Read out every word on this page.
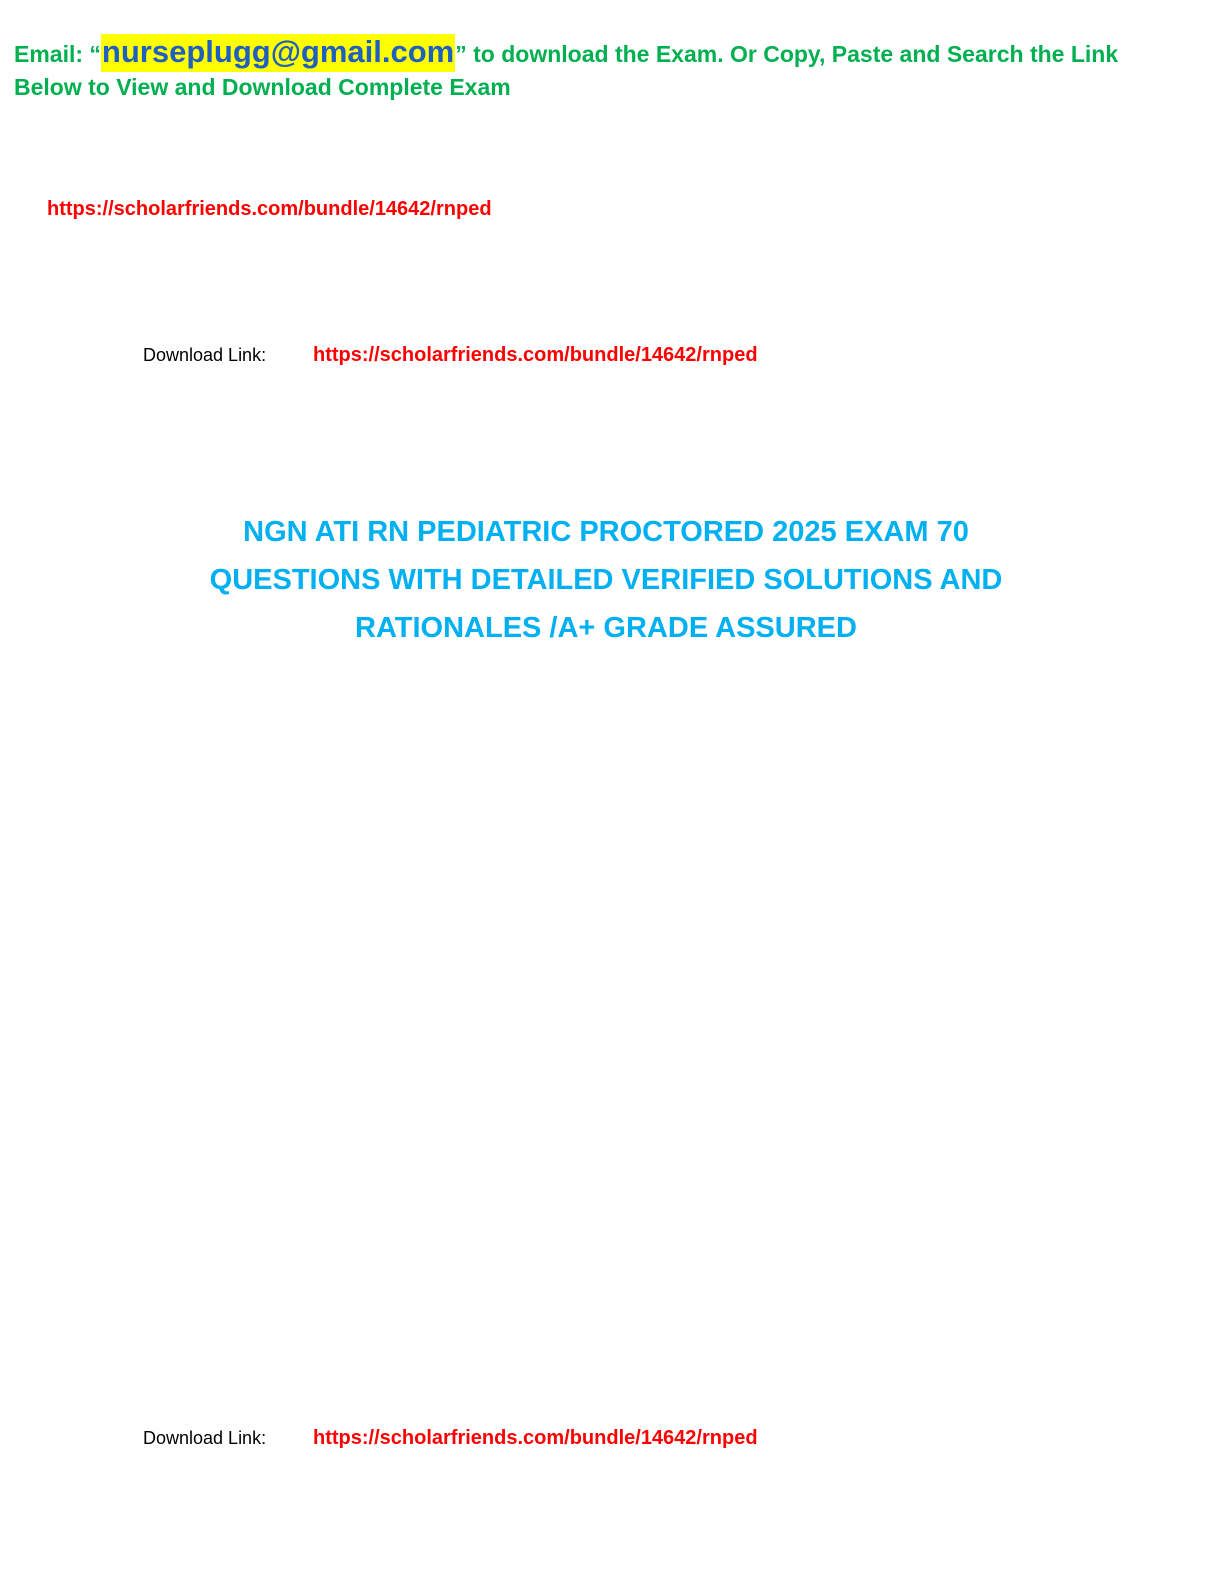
Email: “nurseplugg@gmail.com” to download the Exam. Or Copy, Paste and Search the Link
Below to View and Download Complete Exam
https://scholarfriends.com/bundle/14642/rnped
Download Link: https://scholarfriends.com/bundle/14642/rnped
NGN ATI RN PEDIATRIC PROCTORED 2025 EXAM 70
QUESTIONS WITH DETAILED VERIFIED SOLUTIONS AND
RATIONALES /A+ GRADE ASSURED
Download Link: https://scholarfriends.com/bundle/14642/rnped
